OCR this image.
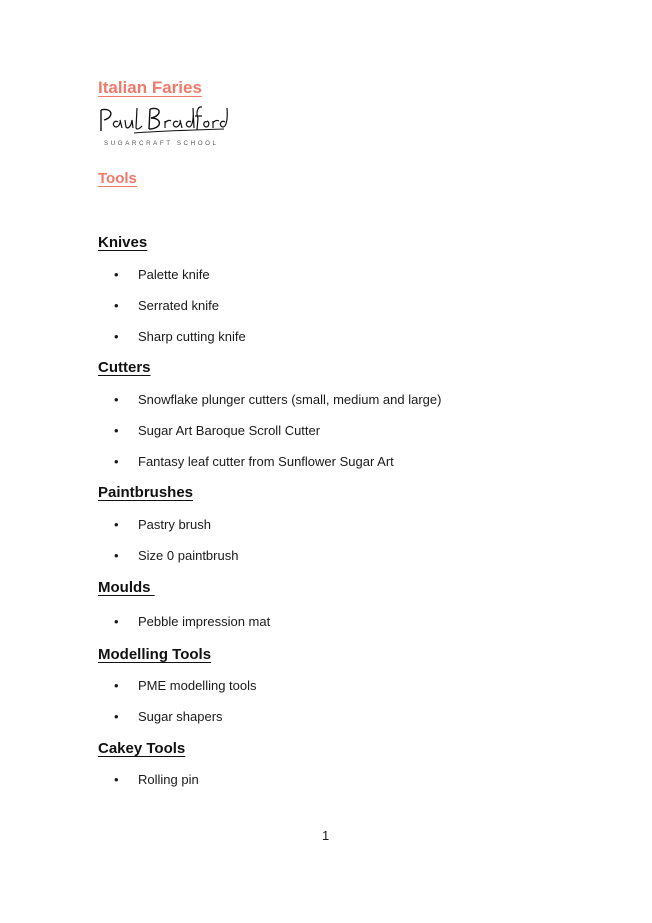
Italian Faries
SUGARCRAFT SCHOOL
Tools
Knives
•	Palette knife
•	Serrated knife
•	Sharp cutting knife
Cutters
•	Snowflake plunger cutters (small, medium and large)
•	Sugar Art Baroque Scroll Cutter
•	Fantasy leaf cutter from Sunflower Sugar Art
Paintbrushes
•	Pastry brush
•	Size 0 paintbrush
Moulds
•	Pebble impression mat
Modelling Tools
•	PME modelling tools
•	Sugar shapers
Cakey Tools
•	Rolling pin
1
